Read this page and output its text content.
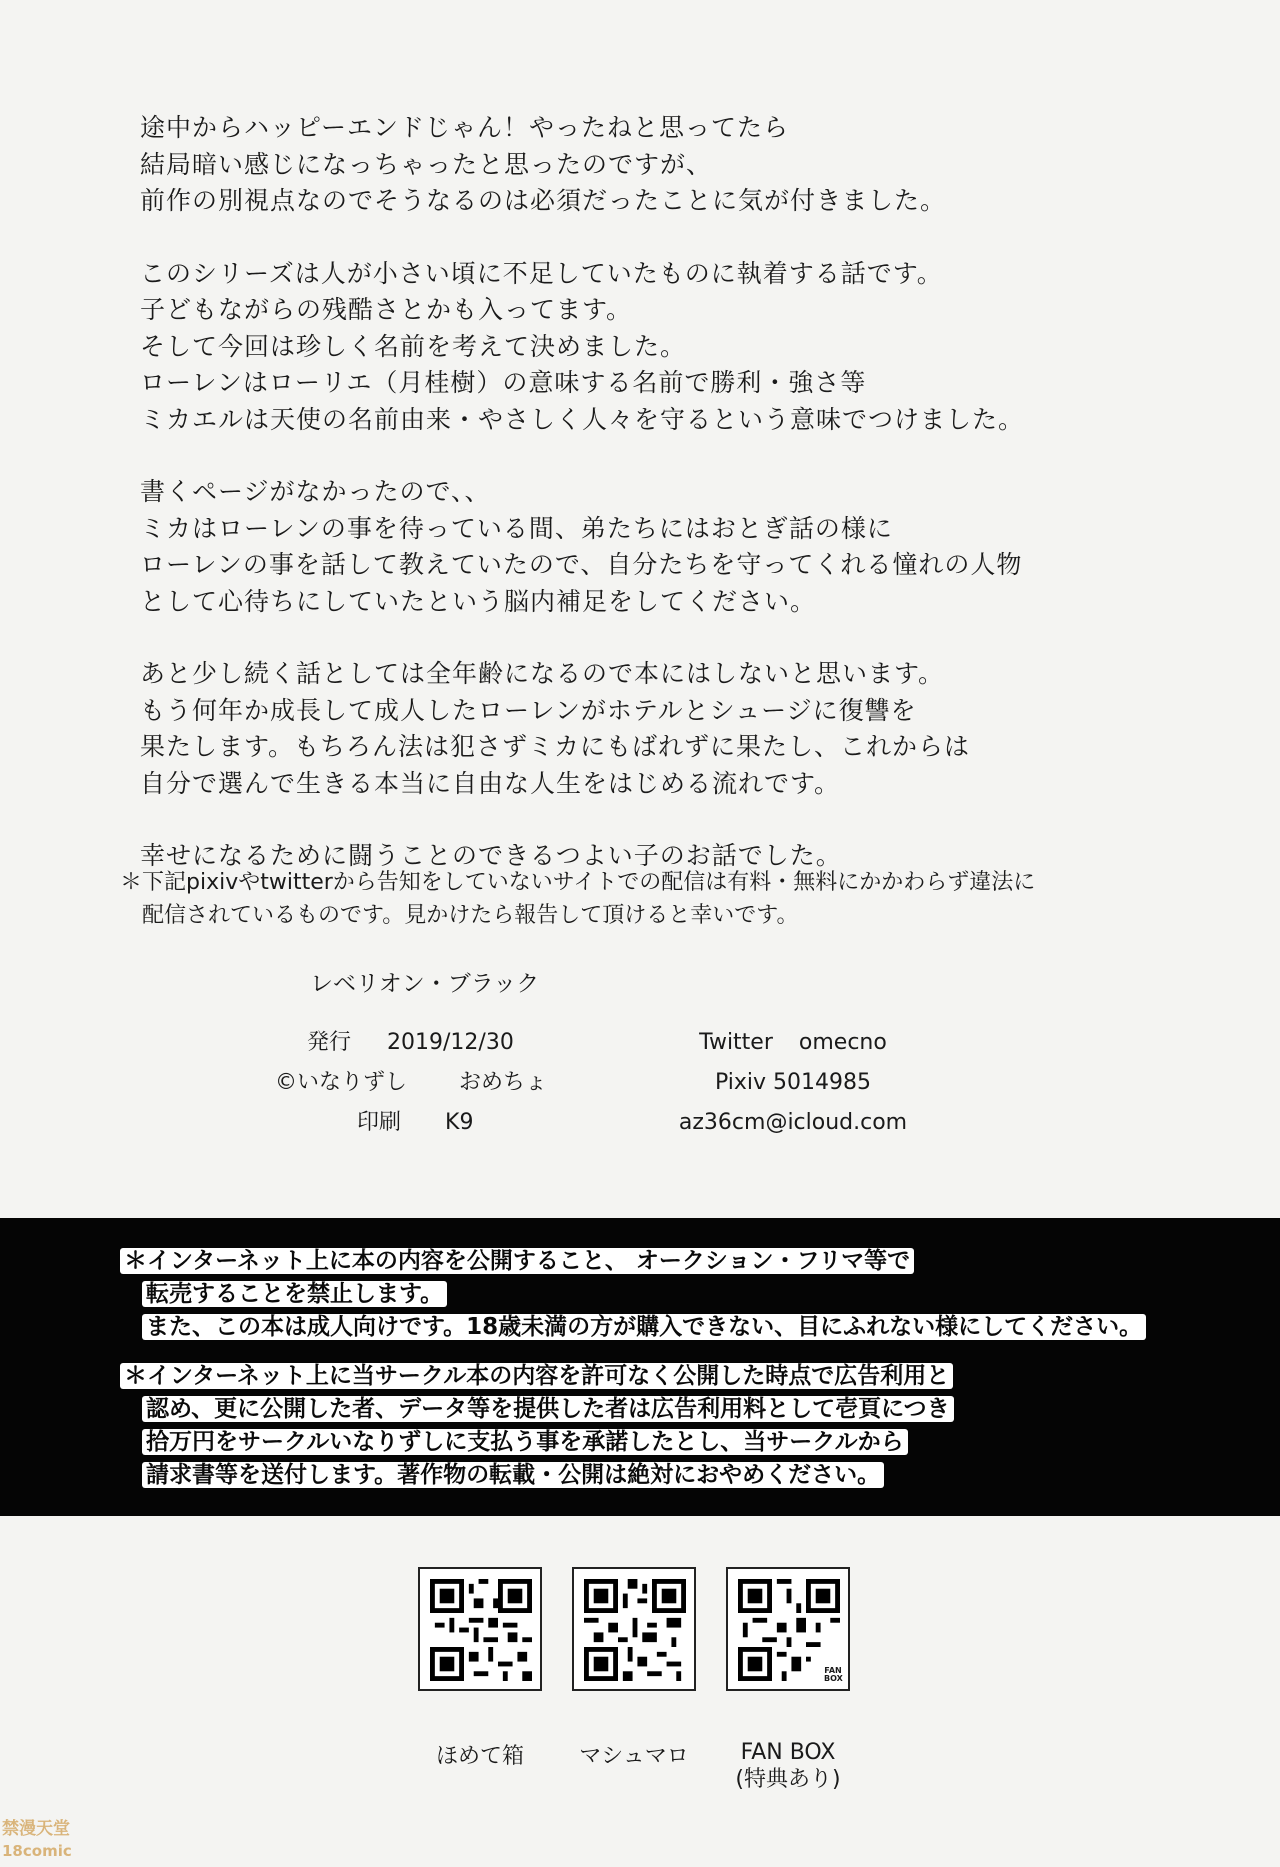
途中からハッピーエンドじゃん！やったねと思ってたら

結局暗い感じになっちゃったと思ったのですが、

前作の別視点なのでそうなるのは必須だったことに気が付きました。

このシリーズは人が小さい頃に不足していたものに執着する話です。

子どもながらの残酷さとかも入ってます。

そして今回は珍しく名前を考えて決めました。

ローレンはローリエ（月桂樹）の意味する名前で勝利・強さ等

ミカエルは天使の名前由来・やさしく人々を守るという意味でつけました。

書くページがなかったので、、

ミカはローレンの事を待っている間、弟たちにはおとぎ話の様に

ローレンの事を話して教えていたので、自分たちを守ってくれる憧れの人物

として心待ちにしていたという脳内補足をしてください。

あと少し続く話としては全年齢になるので本にはしないと思います。

もう何年か成長して成人したローレンがホテルとシュージに復讐を

果たします。もちろん法は犯さずミカにもばれずに果たし、これからは

自分で選んで生きる本当に自由な人生をはじめる流れです。

幸せになるために闘うことのできるつよい子のお話でした。

＊下記pixivやtwitterから告知をしていないサイトでの配信は有料・無料にかかわらず違法に

配信されているものです。見かけたら報告して頂けると幸いです。

レベリオン・ブラック
発行 2019/12/30
©いなりずし おめちょ
印刷 K9
Twitter omecno
Pixiv 5014985
az36cm@icloud.com

＊インターネット上に本の内容を公開すること、 オークション・フリマ等で

転売することを禁止します。

また、この本は成人向けです。18歳未満の方が購入できない、目にふれない様にしてください。

＊インターネット上に当サークル本の内容を許可なく公開した時点で広告利用と

認め、更に公開した者、データ等を提供した者は広告利用料として壱頁につき

拾万円をサークルいなりずしに支払う事を承諾したとし、当サークルから

請求書等を送付します。著作物の転載・公開は絶対におやめください。

FAN BOX
ほめて箱	マシュマロ	FAN BOX
(特典あり)
禁漫天堂
18comic
